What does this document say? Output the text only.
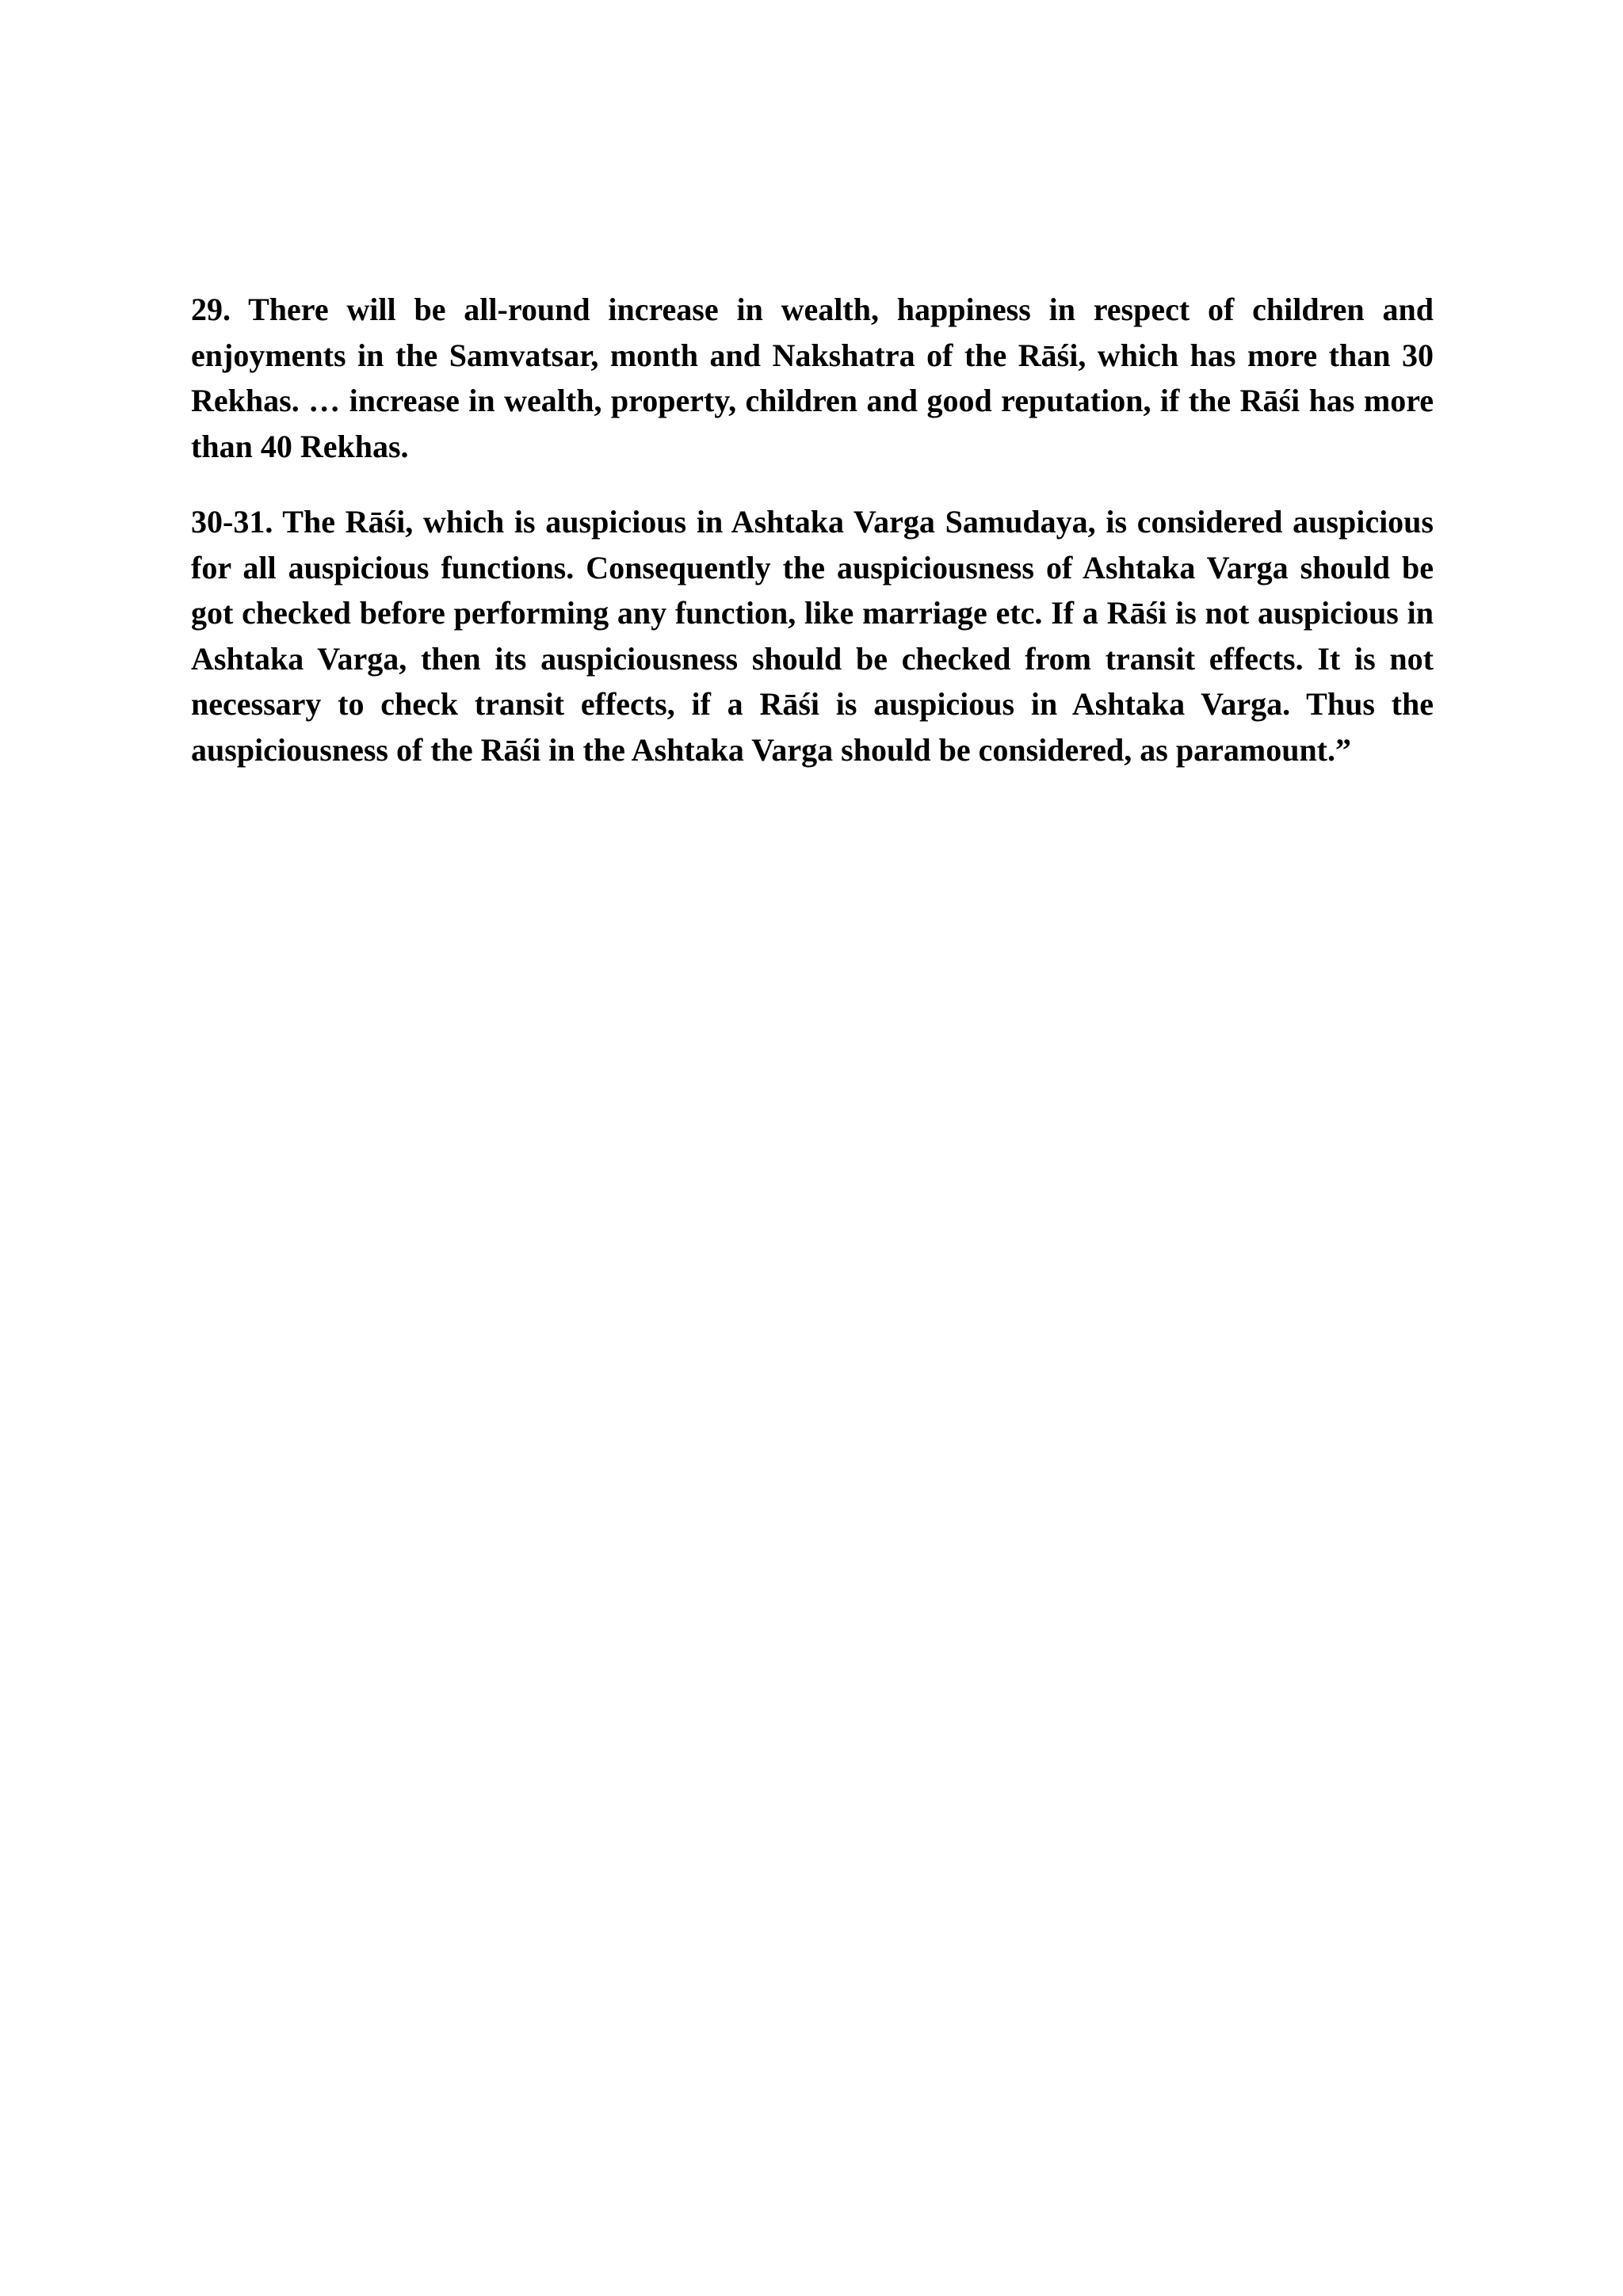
29. There will be all-round increase in wealth, happiness in respect of children and enjoyments in the Samvatsar, month and Nakshatra of the Rāśi, which has more than 30 Rekhas. … increase in wealth, property, children and good reputation, if the Rāśi has more than 40 Rekhas.

30-31. The Rāśi, which is auspicious in Ashtaka Varga Samudaya, is considered auspicious for all auspicious functions. Consequently the auspiciousness of Ashtaka Varga should be got checked before performing any function, like marriage etc. If a Rāśi is not auspicious in Ashtaka Varga, then its auspiciousness should be checked from transit effects. It is not necessary to check transit effects, if a Rāśi is auspicious in Ashtaka Varga. Thus the auspiciousness of the Rāśi in the Ashtaka Varga should be considered, as paramount.”
